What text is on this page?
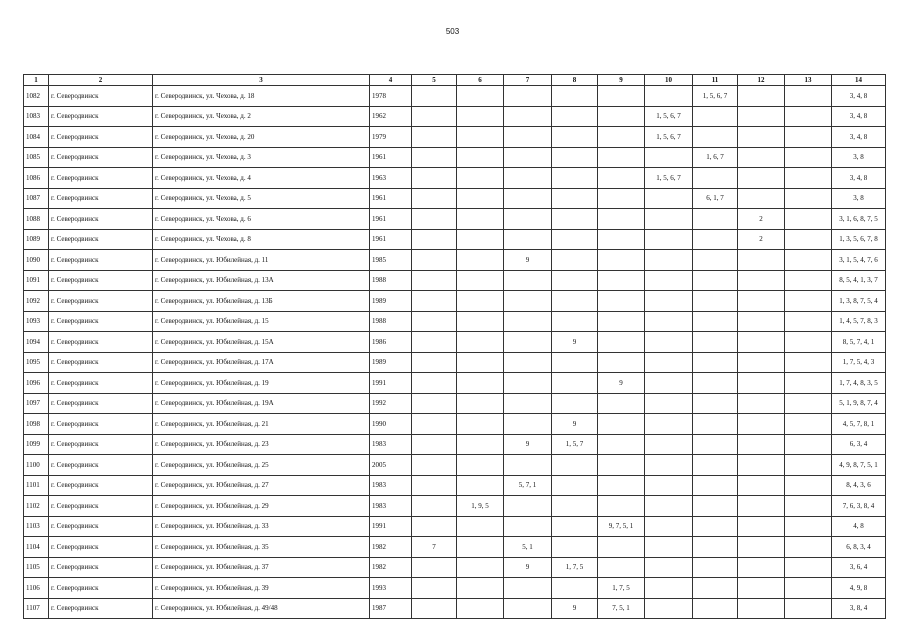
503
1	2	3	4	5	6	7	8	9	10	11	12	13	14
1082	г. Северодвинск	г. Северодвинск, ул. Чехова, д. 18	1978							1, 5, 6, 7			3, 4, 8
1083	г. Северодвинск	г. Северодвинск, ул. Чехова, д. 2	1962						1, 5, 6, 7				3, 4, 8
1084	г. Северодвинск	г. Северодвинск, ул. Чехова, д. 20	1979						1, 5, 6, 7				3, 4, 8
1085	г. Северодвинск	г. Северодвинск, ул. Чехова, д. 3	1961							1, 6, 7			3, 8
1086	г. Северодвинск	г. Северодвинск, ул. Чехова, д. 4	1963						1, 5, 6, 7				3, 4, 8
1087	г. Северодвинск	г. Северодвинск, ул. Чехова, д. 5	1961							6, 1, 7			3, 8
1088	г. Северодвинск	г. Северодвинск, ул. Чехова, д. 6	1961								2		3, 1, 6, 8, 7, 5
1089	г. Северодвинск	г. Северодвинск, ул. Чехова, д. 8	1961								2		1, 3, 5, 6, 7, 8
1090	г. Северодвинск	г. Северодвинск, ул. Юбилейная, д. 11	1985			9							3, 1, 5, 4, 7, 6
1091	г. Северодвинск	г. Северодвинск, ул. Юбилейная, д. 13А	1988										8, 5, 4, 1, 3, 7
1092	г. Северодвинск	г. Северодвинск, ул. Юбилейная, д. 13Б	1989										1, 3, 8, 7, 5, 4
1093	г. Северодвинск	г. Северодвинск, ул. Юбилейная, д. 15	1988										1, 4, 5, 7, 8, 3
1094	г. Северодвинск	г. Северодвинск, ул. Юбилейная, д. 15А	1986				9						8, 5, 7, 4, 1
1095	г. Северодвинск	г. Северодвинск, ул. Юбилейная, д. 17А	1989										1, 7, 5, 4, 3
1096	г. Северодвинск	г. Северодвинск, ул. Юбилейная, д. 19	1991					9					1, 7, 4, 8, 3, 5
1097	г. Северодвинск	г. Северодвинск, ул. Юбилейная, д. 19А	1992										5, 1, 9, 8, 7, 4
1098	г. Северодвинск	г. Северодвинск, ул. Юбилейная, д. 21	1990				9						4, 5, 7, 8, 1
1099	г. Северодвинск	г. Северодвинск, ул. Юбилейная, д. 23	1983			9	1, 5, 7						6, 3, 4
1100	г. Северодвинск	г. Северодвинск, ул. Юбилейная, д. 25	2005										4, 9, 8, 7, 5, 1
1101	г. Северодвинск	г. Северодвинск, ул. Юбилейная, д. 27	1983			5, 7, 1							8, 4, 3, 6
1102	г. Северодвинск	г. Северодвинск, ул. Юбилейная, д. 29	1983		1, 9, 5								7, 6, 3, 8, 4
1103	г. Северодвинск	г. Северодвинск, ул. Юбилейная, д. 33	1991					9, 7, 5, 1					4, 8
1104	г. Северодвинск	г. Северодвинск, ул. Юбилейная, д. 35	1982	7		5, 1							6, 8, 3, 4
1105	г. Северодвинск	г. Северодвинск, ул. Юбилейная, д. 37	1982			9	1, 7, 5						3, 6, 4
1106	г. Северодвинск	г. Северодвинск, ул. Юбилейная, д. 39	1993					1, 7, 5					4, 9, 8
1107	г. Северодвинск	г. Северодвинск, ул. Юбилейная, д. 49/48	1987				9	7, 5, 1					3, 8, 4
